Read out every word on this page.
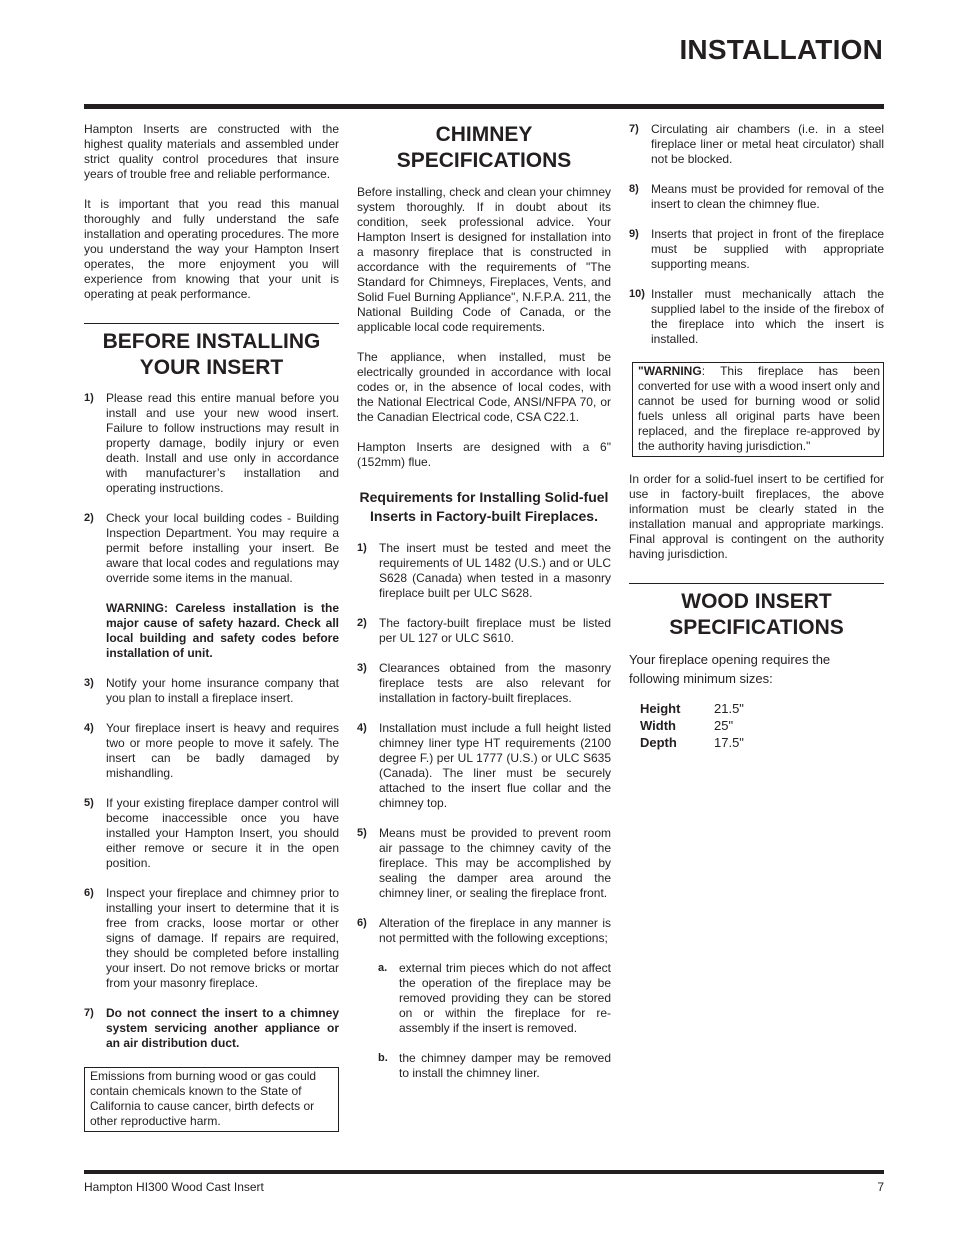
INSTALLATION

Hampton Inserts are constructed with the highest quality materials and assembled under strict quality control procedures that insure years of trouble free and reliable performance.

It is important that you read this manual thoroughly and fully understand the safe installation and operating procedures. The more you understand the way your Hampton Insert operates, the more enjoyment you will experience from knowing that your unit is operating at peak performance.

BEFORE INSTALLING YOUR INSERT
1) Please read this entire manual before you install and use your new wood insert. Failure to follow instructions may result in property damage, bodily injury or even death. Install and use only in accordance with manufacturer’s installation and operating instructions.
2) Check your local building codes - Building Inspection Department. You may require a permit before installing your insert. Be aware that local codes and regulations may override some items in the manual.
WARNING: Careless installation is the major cause of safety hazard. Check all local building and safety codes before installation of unit.
3) Notify your home insurance company that you plan to install a fireplace insert.
4) Your fireplace insert is heavy and requires two or more people to move it safely. The insert can be badly damaged by mishandling.
5) If your existing fireplace damper control will become inaccessible once you have installed your Hampton Insert, you should either remove or secure it in the open position.
6) Inspect your fireplace and chimney prior to installing your insert to determine that it is free from cracks, loose mortar or other signs of damage. If repairs are required, they should be completed before installing your insert. Do not remove bricks or mortar from your masonry fireplace.
7) Do not connect the insert to a chimney system servicing another appliance or an air distribution duct.
Emissions from burning wood or gas could contain chemicals known to the State of California to cause cancer, birth defects or other reproductive harm.
CHIMNEY SPECIFICATIONS

Before installing, check and clean your chimney system thoroughly. If in doubt about its condition, seek professional advice. Your Hampton Insert is designed for installation into a masonry fireplace that is constructed in accordance with the requirements of "The Standard for Chimneys, Fireplaces, Vents, and Solid Fuel Burning Appliance", N.F.P.A. 211, the National Building Code of Canada, or the applicable local code requirements.

The appliance, when installed, must be electrically grounded in accordance with local codes or, in the absence of local codes, with the National Electrical Code, ANSI/NFPA 70, or the Canadian Electrical code, CSA C22.1.

Hampton Inserts are designed with a 6" (152mm) flue.

Requirements for Installing Solid-fuel Inserts in Factory-built Fireplaces.
1) The insert must be tested and meet the requirements of UL 1482 (U.S.) and or ULC S628 (Canada) when tested in a masonry fireplace built per ULC S628.
2) The factory-built fireplace must be listed per UL 127 or ULC S610.
3) Clearances obtained from the masonry fireplace tests are also relevant for installation in factory-built fireplaces.
4) Installation must include a full height listed chimney liner type HT requirements (2100 degree F.) per UL 1777 (U.S.) or ULC S635 (Canada). The liner must be securely attached to the insert flue collar and the chimney top.
5) Means must be provided to prevent room air passage to the chimney cavity of the fireplace. This may be accomplished by sealing the damper area around the chimney liner, or sealing the fireplace front.
6) Alteration of the fireplace in any manner is not permitted with the following exceptions;
a. external trim pieces which do not affect the operation of the fireplace may be removed providing they can be stored on or within the fireplace for re-assembly if the insert is removed.
b. the chimney damper may be removed to install the chimney liner.
7) Circulating air chambers (i.e. in a steel fireplace liner or metal heat circulator) shall not be blocked.
8) Means must be provided for removal of the insert to clean the chimney flue.
9) Inserts that project in front of the fireplace must be supplied with appropriate supporting means.
10) Installer must mechanically attach the supplied label to the inside of the firebox of the fireplace into which the insert is installed.
"WARNING: This fireplace has been converted for use with a wood insert only and cannot be used for burning wood or solid fuels unless all original parts have been replaced, and the fireplace re-approved by the authority having jurisdiction."

In order for a solid-fuel insert to be certified for use in factory-built fireplaces, the above information must be clearly stated in the installation manual and appropriate markings. Final approval is contingent on the authority having jurisdiction.

WOOD INSERT SPECIFICATIONS
Your fireplace opening requires the following minimum sizes:
Height	21.5"
Width	25"
Depth	17.5"
Hampton HI300 Wood Cast Insert	7
